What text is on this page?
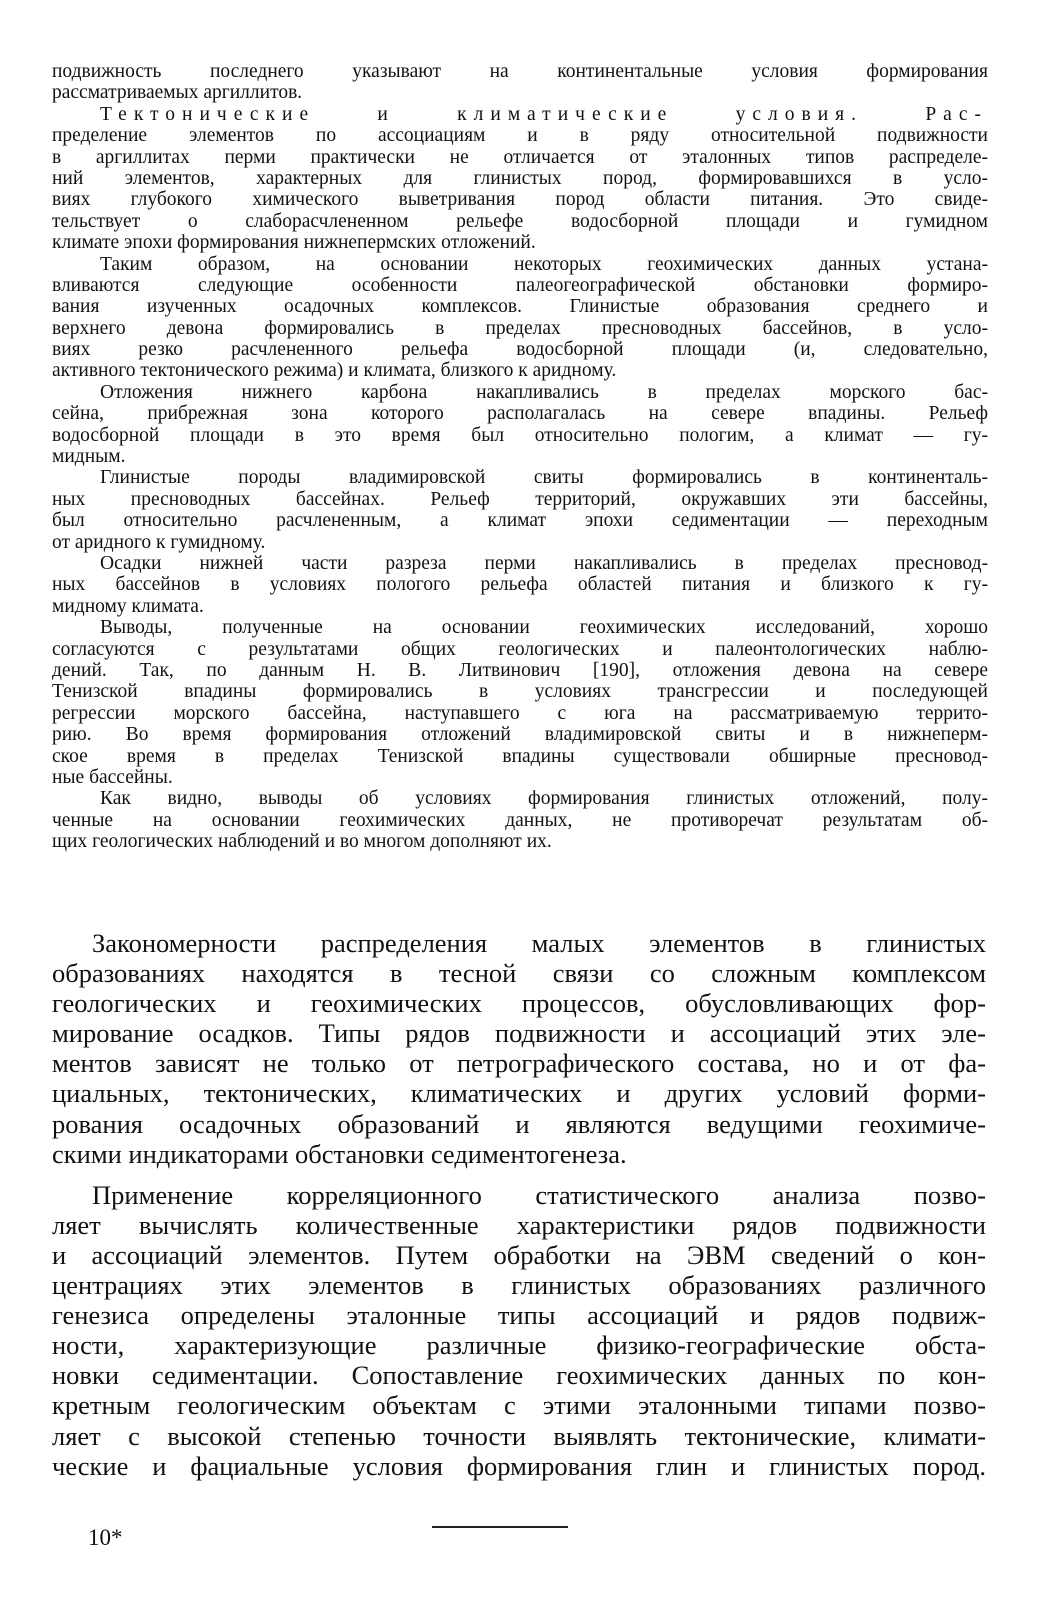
подвижность последнего указывают на континентальные условия формирования
рассматриваемых аргиллитов.
Тектонические и климатические условия. Рас-
пределение элементов по ассоциациям и в ряду относительной подвижности
в аргиллитах перми практически не отличается от эталонных типов распределе-
ний элементов, характерных для глинистых пород, формировавшихся в усло-
виях глубокого химического выветривания пород области питания. Это свиде-
тельствует о слаборасчлененном рельефе водосборной площади и гумидном
климате эпохи формирования нижнепермских отложений.
Таким образом, на основании некоторых геохимических данных устана-
вливаются следующие особенности палеогеографической обстановки формиро-
вания изученных осадочных комплексов. Глинистые образования среднего и
верхнего девона формировались в пределах пресноводных бассейнов, в усло-
виях резко расчлененного рельефа водосборной площади (и, следовательно,
активного тектонического режима) и климата, близкого к аридному.
Отложения нижнего карбона накапливались в пределах морского бас-
сейна, прибрежная зона которого располагалась на севере впадины. Рельеф
водосборной площади в это время был относительно пологим, а климат — гу-
мидным.
Глинистые породы владимировской свиты формировались в континенталь-
ных пресноводных бассейнах. Рельеф территорий, окружавших эти бассейны,
был относительно расчлененным, а климат эпохи седиментации — переходным
от аридного к гумидному.
Осадки нижней части разреза перми накапливались в пределах пресновод-
ных бассейнов в условиях пологого рельефа областей питания и близкого к гу-
мидному климата.
Выводы, полученные на основании геохимических исследований, хорошо
согласуются с результатами общих геологических и палеонтологических наблю-
дений. Так, по данным Н. В. Литвинович [190], отложения девона на севере
Тенизской впадины формировались в условиях трансгрессии и последующей
регрессии морского бассейна, наступавшего с юга на рассматриваемую террито-
рию. Во время формирования отложений владимировской свиты и в нижнеперм-
ское время в пределах Тенизской впадины существовали обширные пресновод-
ные бассейны.
Как видно, выводы об условиях формирования глинистых отложений, полу-
ченные на основании геохимических данных, не противоречат результатам об-
щих геологических наблюдений и во многом дополняют их.
Закономерности распределения малых элементов в глинистых
образованиях находятся в тесной связи со сложным комплексом
геологических и геохимических процессов, обусловливающих фор-
мирование осадков. Типы рядов подвижности и ассоциаций этих эле-
ментов зависят не только от петрографического состава, но и от фа-
циальных, тектонических, климатических и других условий форми-
рования осадочных образований и являются ведущими геохимиче-
скими индикаторами обстановки седиментогенеза.
Применение корреляционного статистического анализа позво-
ляет вычислять количественные характеристики рядов подвижности
и ассоциаций элементов. Путем обработки на ЭВМ сведений о кон-
центрациях этих элементов в глинистых образованиях различного
генезиса определены эталонные типы ассоциаций и рядов подвиж-
ности, характеризующие различные физико-географические обста-
новки седиментации. Сопоставление геохимических данных по кон-
кретным геологическим объектам с этими эталонными типами позво-
ляет с высокой степенью точности выявлять тектонические, климати-
ческие и фациальные условия формирования глин и глинистых пород.
10*
